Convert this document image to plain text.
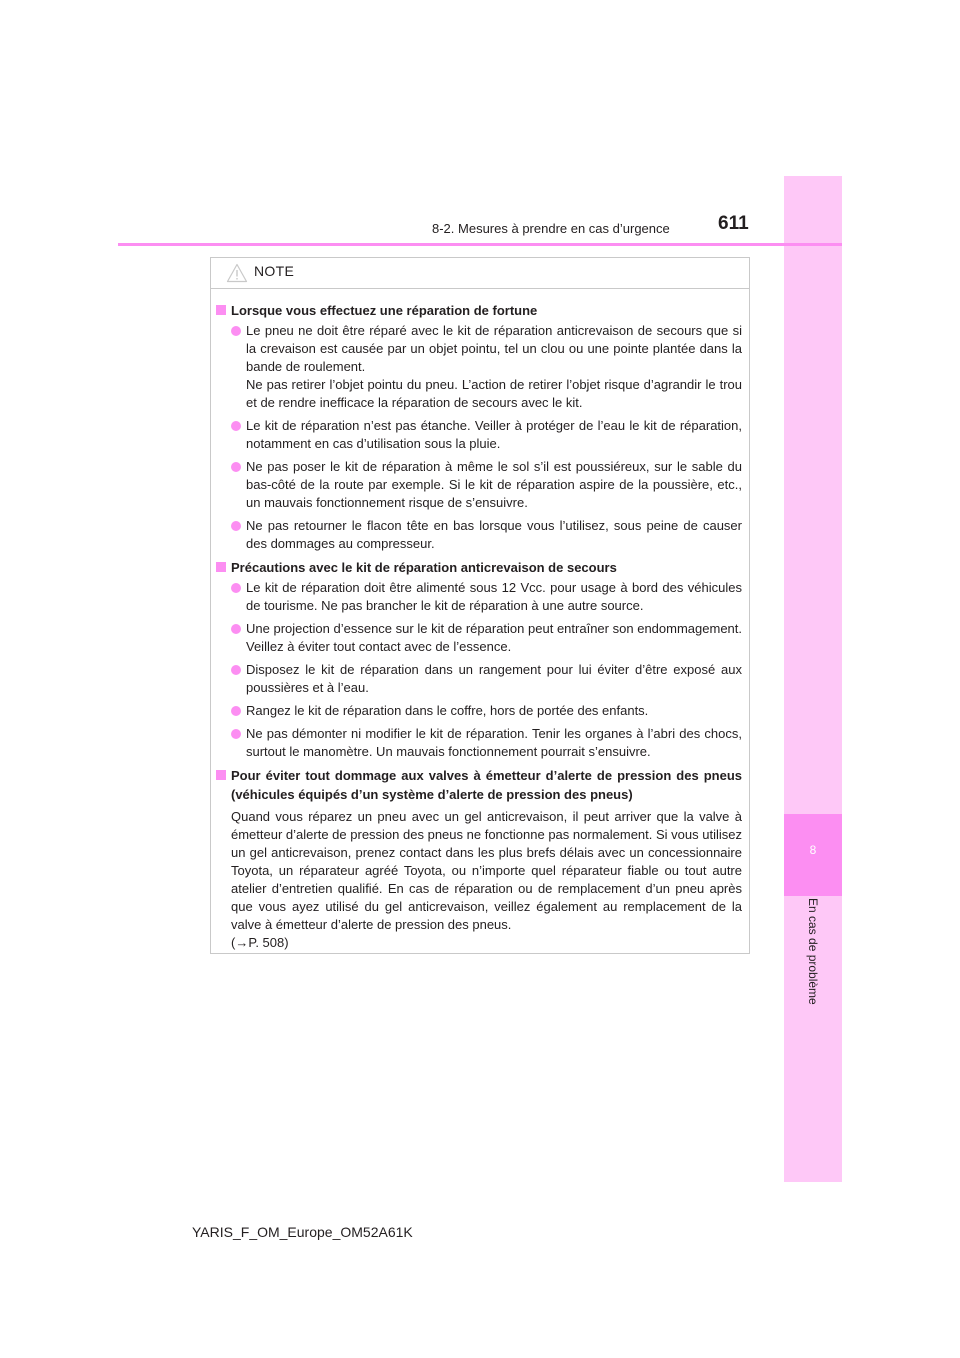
8
En cas de problème
8-2. Mesures à prendre en cas d’urgence	611
NOTE
Lorsque vous effectuez une réparation de fortune

Le pneu ne doit être réparé avec le kit de réparation anticrevaison de secours que si la crevaison est causée par un objet pointu, tel un clou ou une pointe plantée dans la bande de roulement.

Ne pas retirer l’objet pointu du pneu. L’action de retirer l’objet risque d’agrandir le trou et de rendre inefficace la réparation de secours avec le kit.

Le kit de réparation n’est pas étanche. Veiller à protéger de l’eau le kit de réparation, notamment en cas d’utilisation sous la pluie.

Ne pas poser le kit de réparation à même le sol s’il est poussiéreux, sur le sable du bas-côté de la route par exemple. Si le kit de réparation aspire de la poussière, etc., un mauvais fonctionnement risque de s’ensuivre.

Ne pas retourner le flacon tête en bas lorsque vous l’utilisez, sous peine de causer des dommages au compresseur.

Précautions avec le kit de réparation anticrevaison de secours

Le kit de réparation doit être alimenté sous 12 Vcc. pour usage à bord des véhicules de tourisme. Ne pas brancher le kit de réparation à une autre source.

Une projection d’essence sur le kit de réparation peut entraîner son endommagement. Veillez à éviter tout contact avec de l’essence.

Disposez le kit de réparation dans un rangement pour lui éviter d’être exposé aux poussières et à l’eau.

Rangez le kit de réparation dans le coffre, hors de portée des enfants.

Ne pas démonter ni modifier le kit de réparation. Tenir les organes à l’abri des chocs, surtout le manomètre. Un mauvais fonctionnement pourrait s’ensuivre.

Pour éviter tout dommage aux valves à émetteur d’alerte de pression des pneus (véhicules équipés d’un système d’alerte de pression des pneus)
Quand vous réparez un pneu avec un gel anticrevaison, il peut arriver que la valve à émetteur d’alerte de pression des pneus ne fonctionne pas normalement. Si vous utilisez un gel anticrevaison, prenez contact dans les plus brefs délais avec un concessionnaire Toyota, un réparateur agréé Toyota, ou n’importe quel réparateur fiable ou tout autre atelier d’entretien qualifié. En cas de réparation ou de remplacement d’un pneu après que vous ayez utilisé du gel anticrevaison, veillez également au remplacement de la valve à émetteur d’alerte de pression des pneus.
(→P. 508)
YARIS_F_OM_Europe_OM52A61K
